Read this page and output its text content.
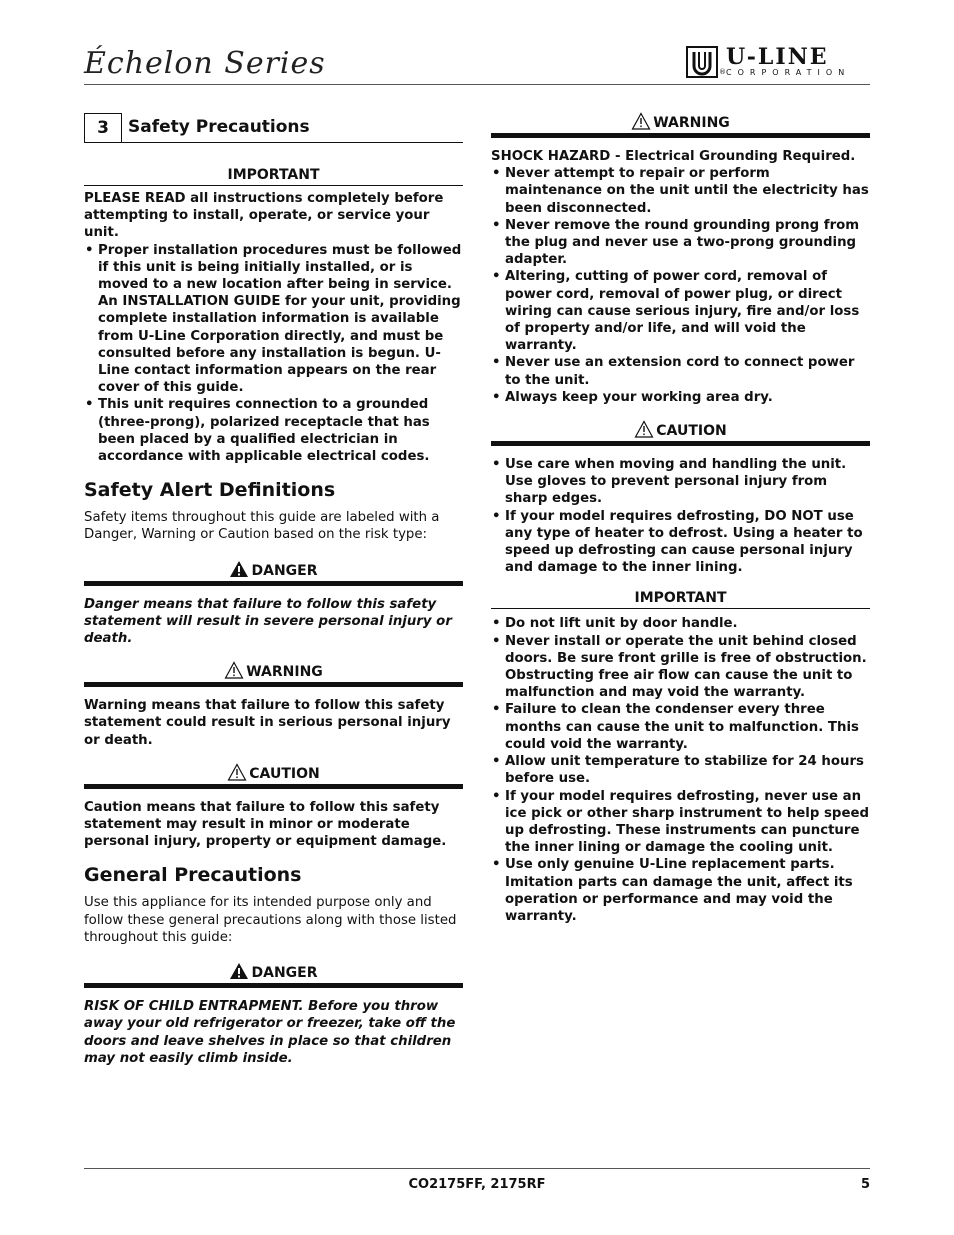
Échelon Series	U-LINE
® CORPORATION
3	Safety Precautions
IMPORTANT
PLEASE READ all instructions completely before attempting to install, operate, or service your unit.
• Proper installation procedures must be followed if this unit is being initially installed, or is moved to a new location after being in service. An INSTALLATION GUIDE for your unit, providing complete installation information is available from U-Line Corporation directly, and must be consulted before any installation is begun. U-Line contact information appears on the rear cover of this guide.
• This unit requires connection to a grounded (three-prong), polarized receptacle that has been placed by a qualified electrician in accordance with applicable electrical codes.
Safety Alert Definitions
Safety items throughout this guide are labeled with a Danger, Warning or Caution based on the risk type:
DANGER
Danger means that failure to follow this safety statement will result in severe personal injury or death.
WARNING
Warning means that failure to follow this safety statement could result in serious personal injury or death.
CAUTION
Caution means that failure to follow this safety statement may result in minor or moderate personal injury, property or equipment damage.
General Precautions
Use this appliance for its intended purpose only and follow these general precautions along with those listed throughout this guide:
DANGER
RISK OF CHILD ENTRAPMENT. Before you throw away your old refrigerator or freezer, take off the doors and leave shelves in place so that children may not easily climb inside.
WARNING
SHOCK HAZARD - Electrical Grounding Required.
• Never attempt to repair or perform maintenance on the unit until the electricity has been disconnected.
• Never remove the round grounding prong from the plug and never use a two-prong grounding adapter.
• Altering, cutting of power cord, removal of power cord, removal of power plug, or direct wiring can cause serious injury, fire and/or loss of property and/or life, and will void the warranty.
• Never use an extension cord to connect power to the unit.
• Always keep your working area dry.
CAUTION
• Use care when moving and handling the unit. Use gloves to prevent personal injury from sharp edges.
• If your model requires defrosting, DO NOT use any type of heater to defrost. Using a heater to speed up defrosting can cause personal injury and damage to the inner lining.
IMPORTANT
• Do not lift unit by door handle.
• Never install or operate the unit behind closed doors. Be sure front grille is free of obstruction. Obstructing free air flow can cause the unit to malfunction and may void the warranty.
• Failure to clean the condenser every three months can cause the unit to malfunction. This could void the warranty.
• Allow unit temperature to stabilize for 24 hours before use.
• If your model requires defrosting, never use an ice pick or other sharp instrument to help speed up defrosting. These instruments can puncture the inner lining or damage the cooling unit.
• Use only genuine U-Line replacement parts. Imitation parts can damage the unit, affect its operation or performance and may void the warranty.
CO2175FF, 2175RF	5
